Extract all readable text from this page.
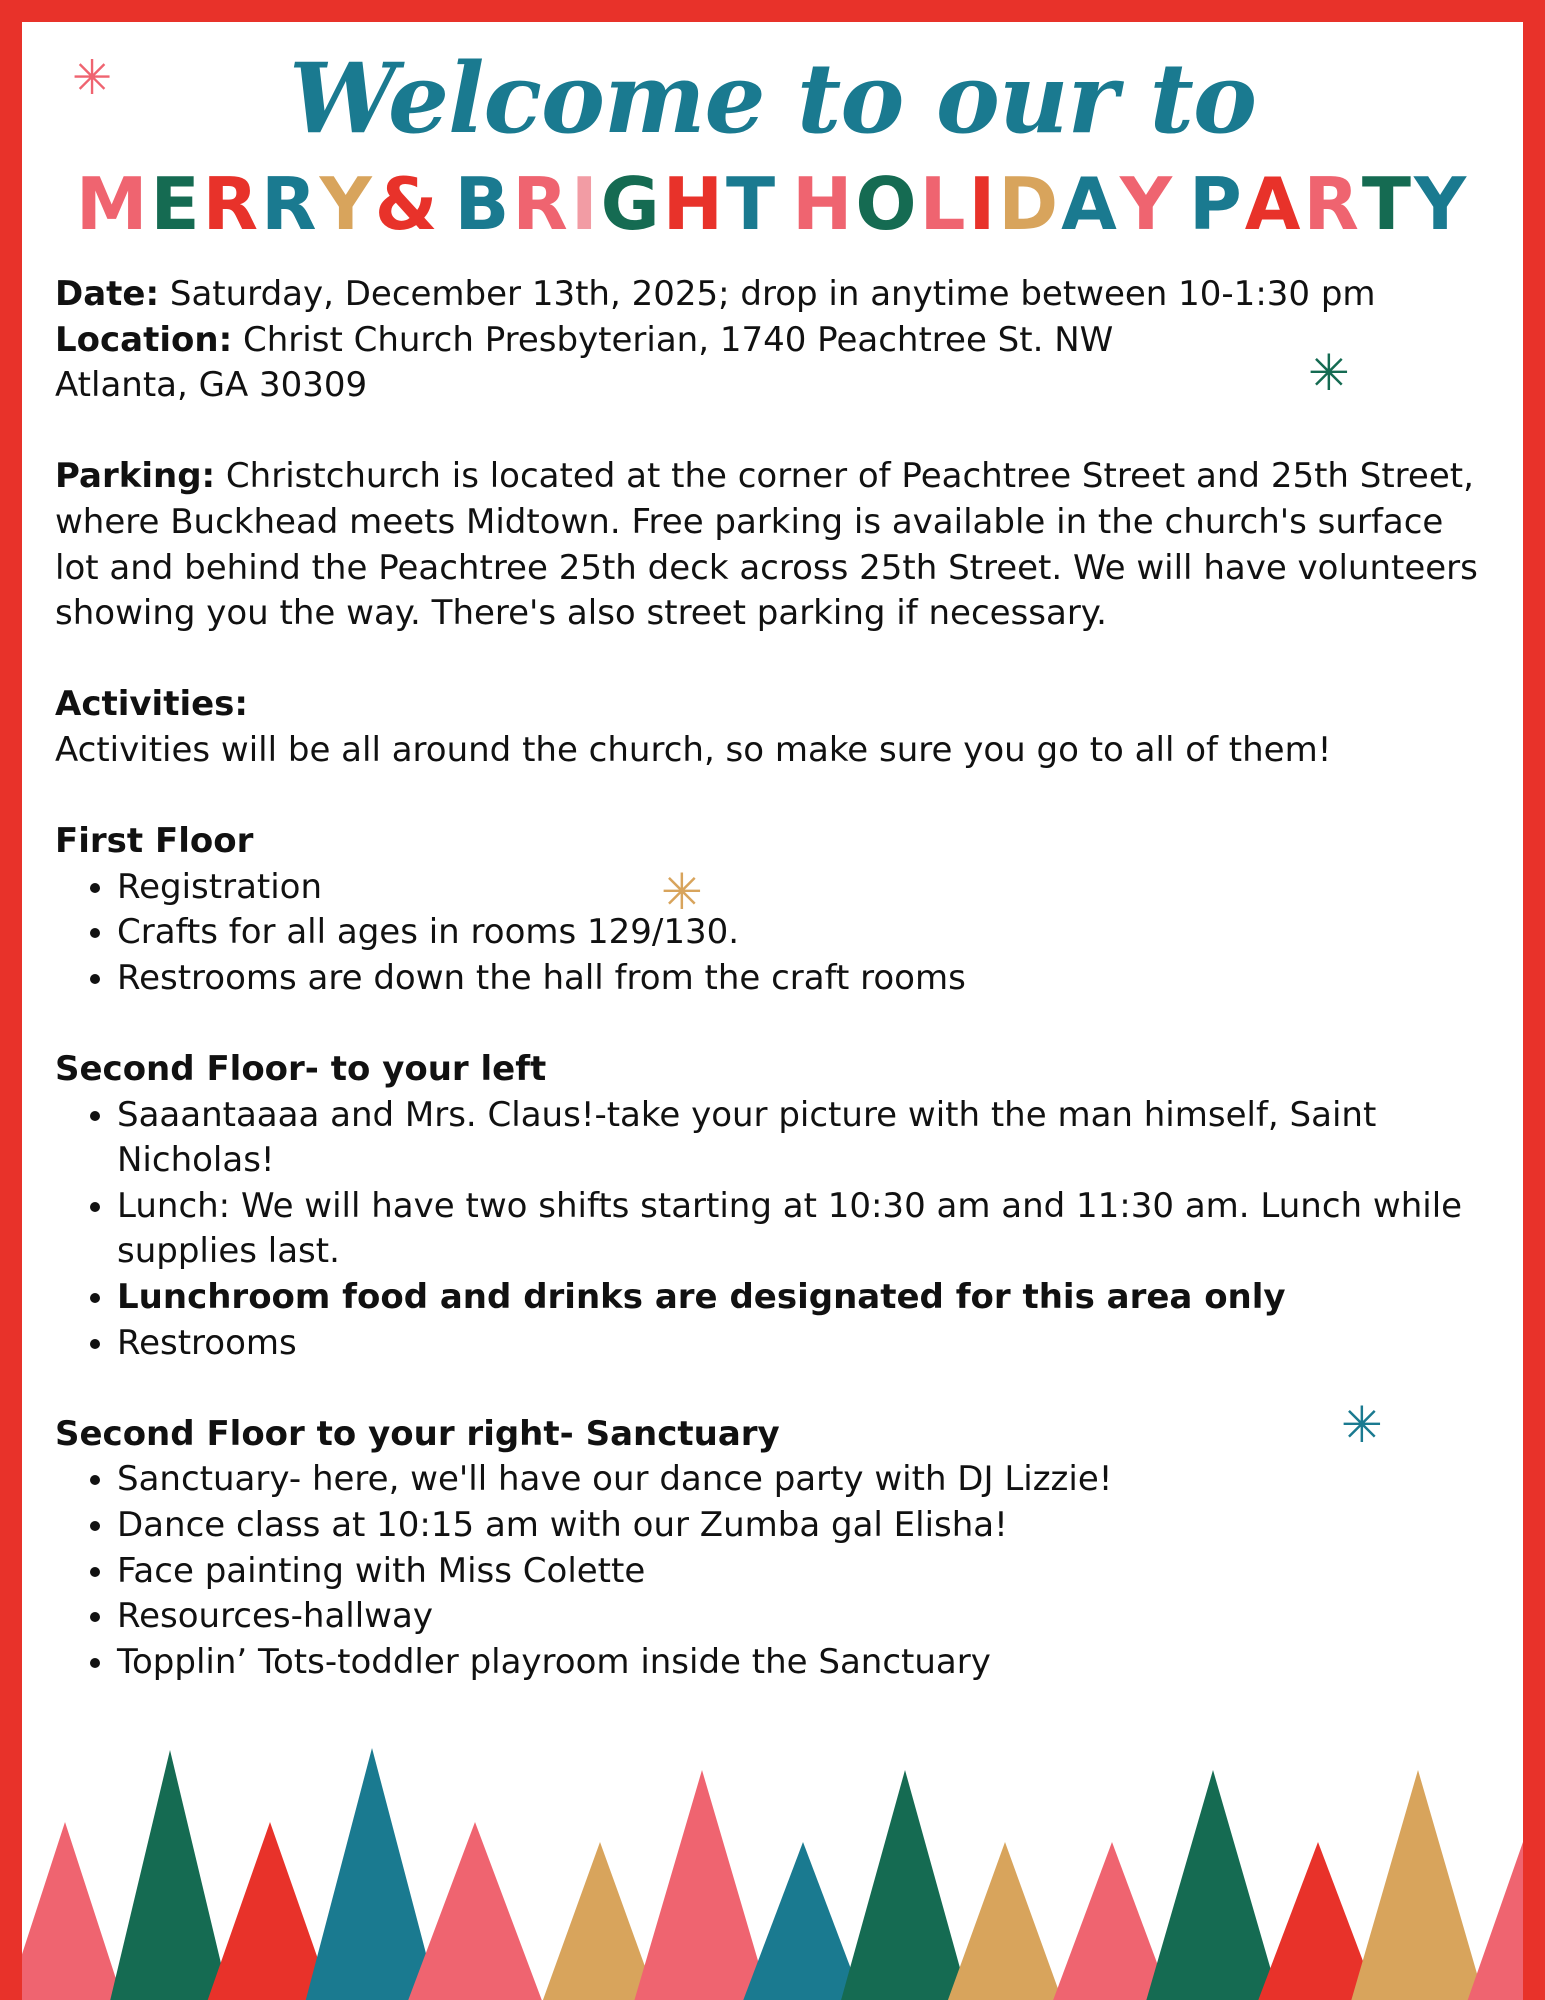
Welcome to our to
MERRY& BRIGHT HOLIDAY PARTY
✳
✳
✳
✳

Date: Saturday, December 13th, 2025; drop in anytime between 10-1:30 pm

Location: Christ Church Presbyterian, 1740 Peachtree St. NW

Atlanta, GA 30309

Parking: Christchurch is located at the corner of Peachtree Street and 25th Street, where Buckhead meets Midtown. Free parking is available in the church's surface lot and behind the Peachtree 25th deck across 25th Street. We will have volunteers showing you the way. There's also street parking if necessary.

Activities:

Activities will be all around the church, so make sure you go to all of them!

First Floor

• Registration
• Crafts for all ages in rooms 129/130.
• Restrooms are down the hall from the craft rooms

Second Floor- to your left

• Saaantaaaa and Mrs. Claus!-take your picture with the man himself, Saint Nicholas!
• Lunch: We will have two shifts starting at 10:30 am and 11:30 am. Lunch while supplies last.
• Lunchroom food and drinks are designated for this area only
• Restrooms

Second Floor to your right- Sanctuary

• Sanctuary- here, we'll have our dance party with DJ Lizzie!
• Dance class at 10:15 am with our Zumba gal Elisha!
• Face painting with Miss Colette
• Resources-hallway
• Topplin’ Tots-toddler playroom inside the Sanctuary
